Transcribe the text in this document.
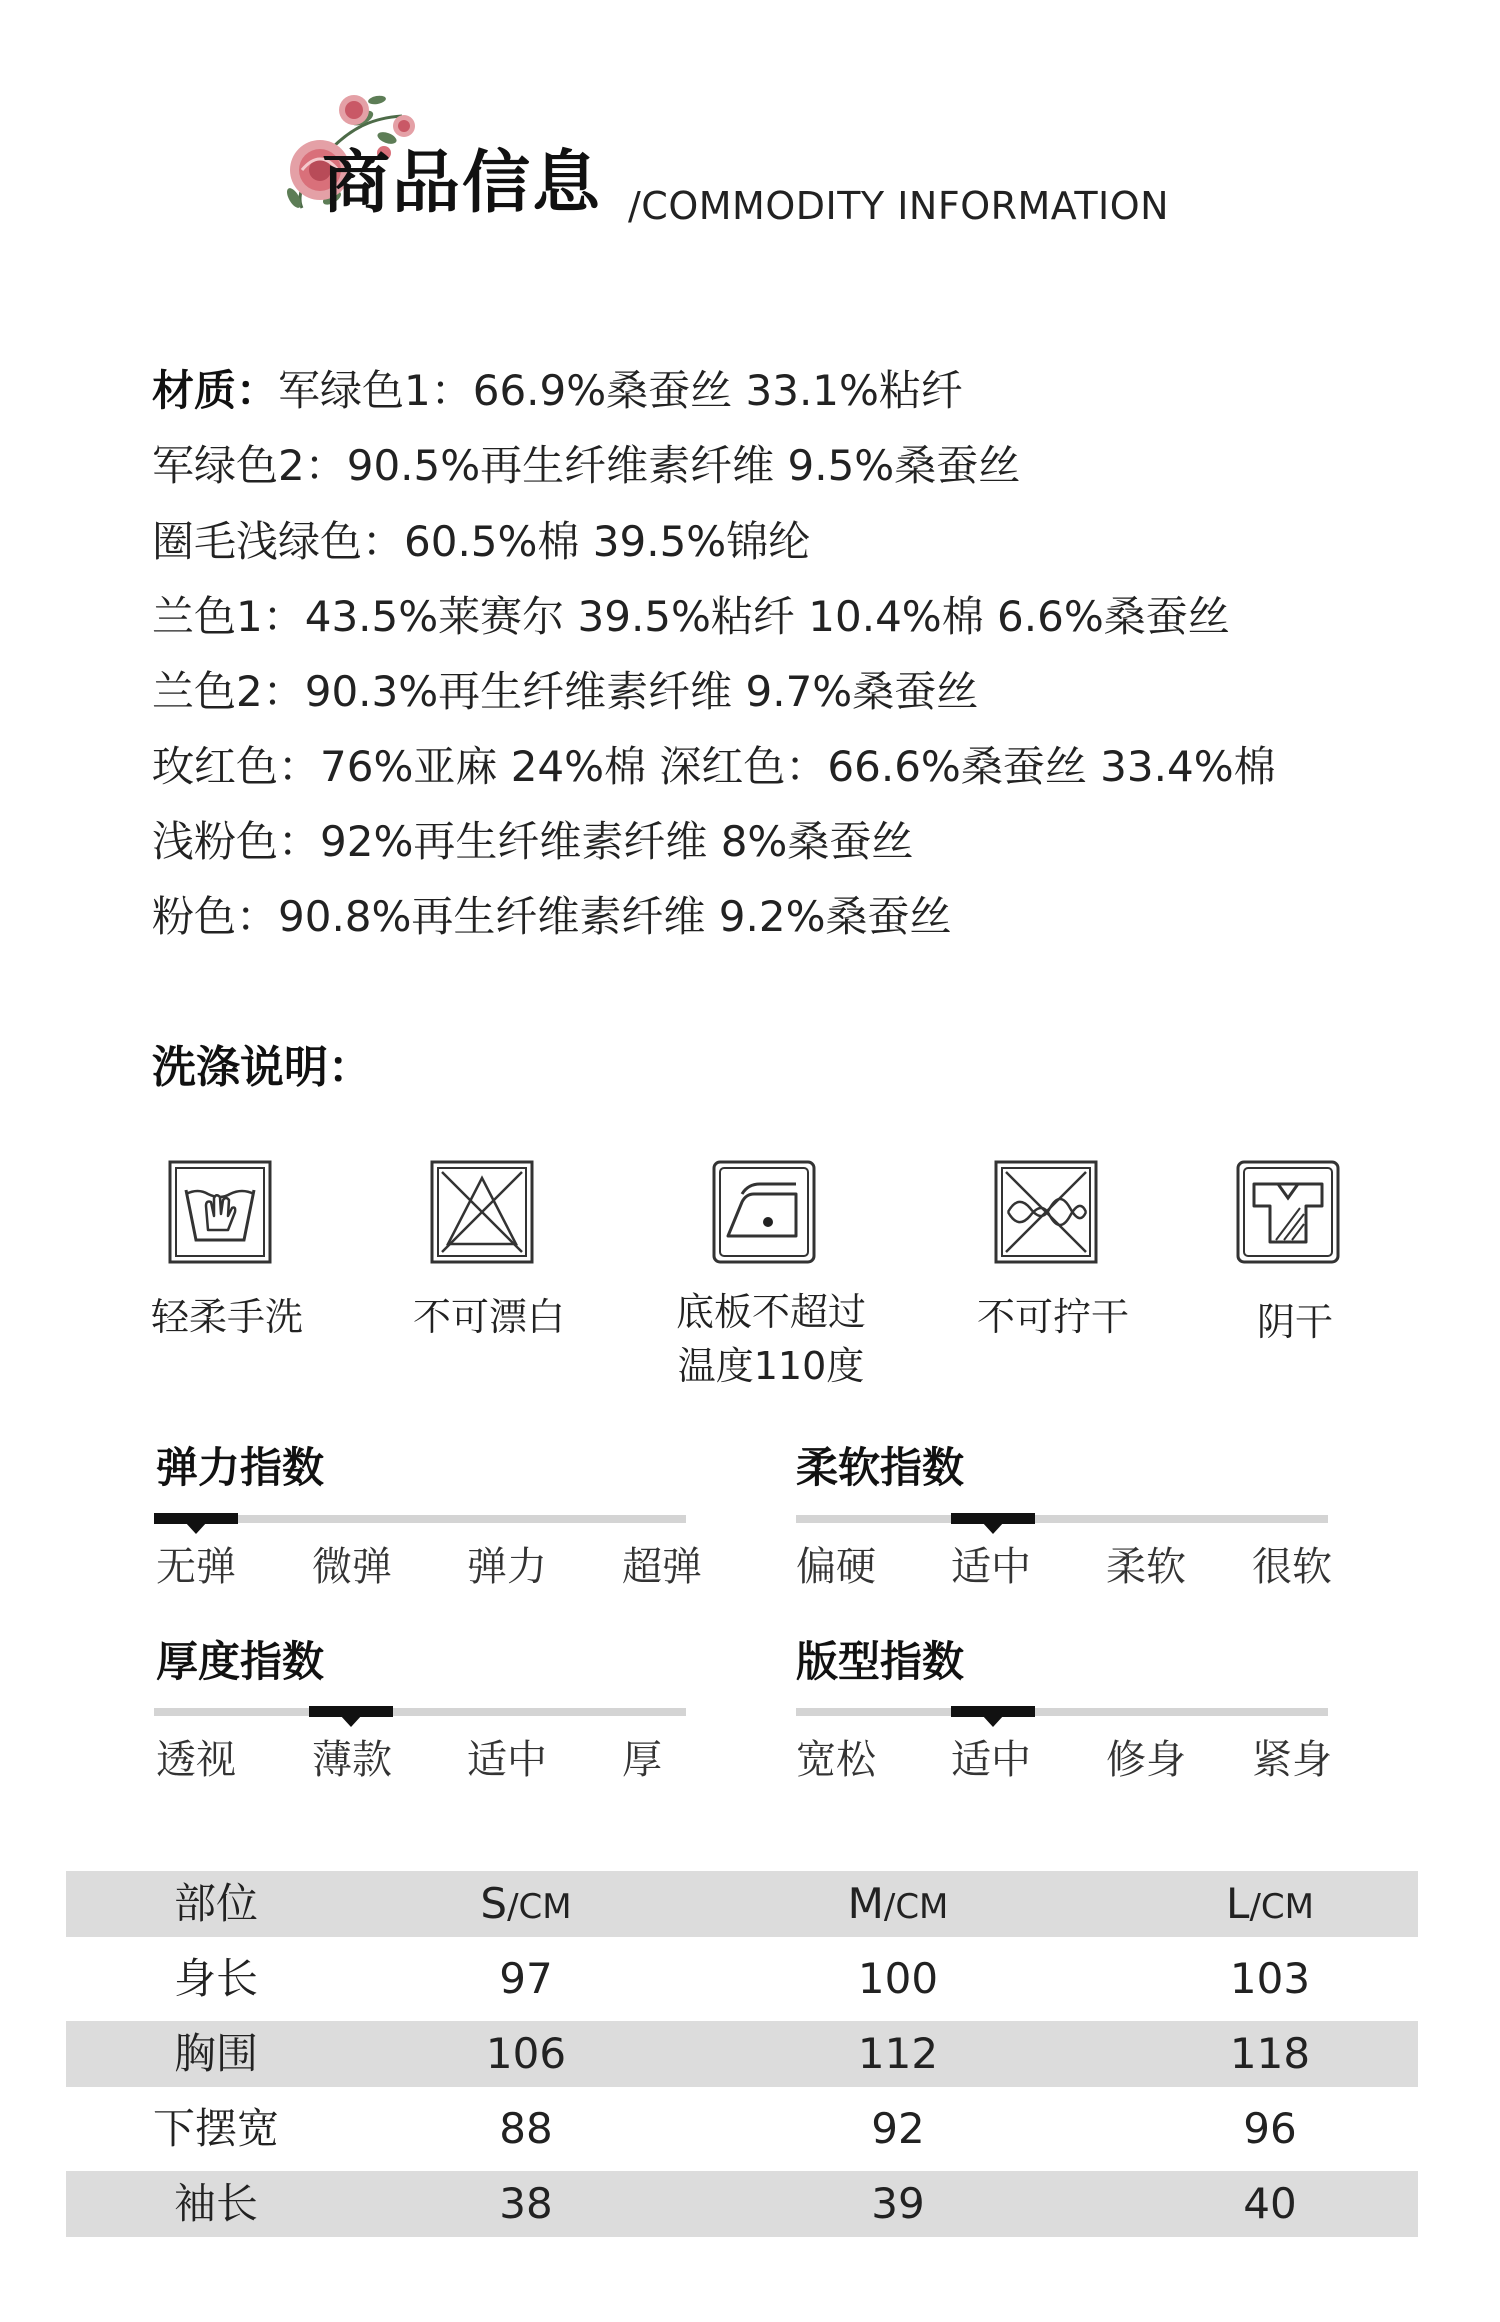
商品信息 /COMMODITY INFORMATION
材质：军绿色1：66.9%桑蚕丝 33.1%粘纤
军绿色2：90.5%再生纤维素纤维 9.5%桑蚕丝
圈毛浅绿色：60.5%棉 39.5%锦纶
兰色1：43.5%莱赛尔 39.5%粘纤 10.4%棉 6.6%桑蚕丝
兰色2：90.3%再生纤维素纤维 9.7%桑蚕丝
玫红色：76%亚麻 24%棉 深红色：66.6%桑蚕丝 33.4%棉
浅粉色：92%再生纤维素纤维 8%桑蚕丝
粉色：90.8%再生纤维素纤维 9.2%桑蚕丝
洗涤说明：
轻柔手洗	不可漂白	底板不超过
温度110度
不可拧干	阴干
弹力指数
无弹 微弹 弹力 超弹
柔软指数
偏硬 适中 柔软 很软
厚度指数
透视 薄款 适中 厚
版型指数
宽松 适中 修身 紧身
部位	S/CM	M/CM	L/CM
身长	97	100	103
胸围	106	112	118
下摆宽	88	92	96
袖长	38	39	40
